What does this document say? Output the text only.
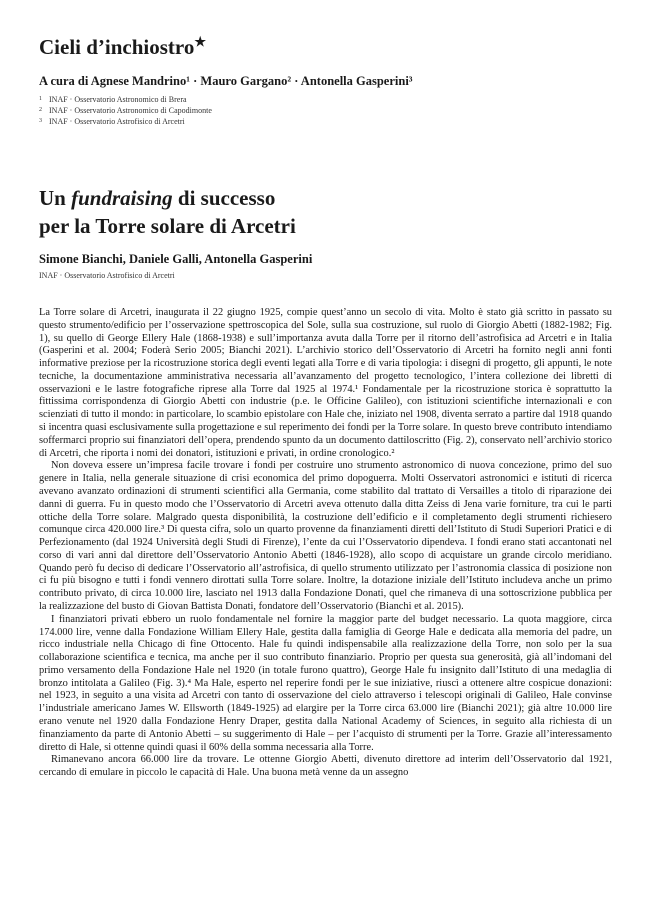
Cieli d’inchiostro★

A cura di Agnese Mandrino¹ · Mauro Gargano² · Antonella Gasperini³

1 INAF · Osservatorio Astronomico di Brera
2 INAF · Osservatorio Astronomico di Capodimonte
3 INAF · Osservatorio Astrofisico di Arcetri
Un fundraising di successo
per la Torre solare di Arcetri

Simone Bianchi, Daniele Galli, Antonella Gasperini

INAF · Osservatorio Astrofisico di Arcetri

La Torre solare di Arcetri, inaugurata il 22 giugno 1925, compie quest’anno un secolo di vita. Molto è stato già scritto in passato su questo strumento/edificio per l’osservazione spettroscopica del Sole, sulla sua costruzione, sul ruolo di Giorgio Abetti (1882-1982; Fig. 1), su quello di George Ellery Hale (1868-1938) e sull’importanza avuta dalla Torre per il ritorno dell’astrofisica ad Arcetri e in Italia (Gasperini et al. 2004; Foderà Serio 2005; Bianchi 2021). L’archivio storico dell’Osservatorio di Arcetri ha fornito negli anni fonti informative preziose per la ricostruzione storica degli eventi legati alla Torre e di varia tipologia: i disegni di progetto, gli appunti, le note tecniche, la documentazione amministrativa necessaria all’avanzamento del progetto tecnologico, l’intera collezione dei libretti di osservazioni e le lastre fotografiche riprese alla Torre dal 1925 al 1974.¹ Fondamentale per la ricostruzione storica è soprattutto la fittissima corrispondenza di Giorgio Abetti con industrie (p.e. le Officine Galileo), con istituzioni scientifiche internazionali e con scienziati di tutto il mondo: in particolare, lo scambio epistolare con Hale che, iniziato nel 1908, diventa serrato a partire dal 1918 quando si incentra quasi esclusivamente sulla progettazione e sul reperimento dei fondi per la Torre solare. In questo breve contributo intendiamo soffermarci proprio sui finanziatori dell’opera, prendendo spunto da un documento dattiloscritto (Fig. 2), conservato nell’archivio storico di Arcetri, che riporta i nomi dei donatori, istituzioni e privati, in ordine cronologico.²

Non doveva essere un’impresa facile trovare i fondi per costruire uno strumento astronomico di nuova concezione, primo del suo genere in Italia, nella generale situazione di crisi economica del primo dopoguerra. Molti Osservatori astronomici e istituti di ricerca avevano avanzato ordinazioni di strumenti scientifici alla Germania, come stabilito dal trattato di Versailles a titolo di riparazione dei danni di guerra. Fu in questo modo che l’Osservatorio di Arcetri aveva ottenuto dalla ditta Zeiss di Jena varie forniture, tra cui le parti ottiche della Torre solare. Malgrado questa disponibilità, la costruzione dell’edificio e il completamento degli strumenti richiesero comunque circa 420.000 lire.³ Di questa cifra, solo un quarto provenne da finanziamenti diretti dell’Istituto di Studi Superiori Pratici e di Perfezionamento (dal 1924 Università degli Studi di Firenze), l’ente da cui l’Osservatorio dipendeva. I fondi erano stati accantonati nel corso di vari anni dal direttore dell’Osservatorio Antonio Abetti (1846-1928), allo scopo di acquistare un grande circolo meridiano. Quando però fu deciso di dedicare l’Osservatorio all’astrofisica, di quello strumento utilizzato per l’astronomia classica di posizione non ci fu più bisogno e tutti i fondi vennero dirottati sulla Torre solare. Inoltre, la dotazione iniziale dell’Istituto includeva anche un primo contributo privato, di circa 10.000 lire, lasciato nel 1913 dalla Fondazione Donati, quel che rimaneva di una sottoscrizione pubblica per la realizzazione del busto di Giovan Battista Donati, fondatore dell’Osservatorio (Bianchi et al. 2015).

I finanziatori privati ebbero un ruolo fondamentale nel fornire la maggior parte del budget necessario. La quota maggiore, circa 174.000 lire, venne dalla Fondazione William Ellery Hale, gestita dalla famiglia di George Hale e dedicata alla memoria del padre, un ricco industriale nella Chicago di fine Ottocento. Hale fu quindi indispensabile alla realizzazione della Torre, non solo per la sua collaborazione scientifica e tecnica, ma anche per il suo contributo finanziario. Proprio per questa sua generosità, già all’indomani del primo versamento della Fondazione Hale nel 1920 (in totale furono quattro), George Hale fu insignito dall’Istituto di una medaglia di bronzo intitolata a Galileo (Fig. 3).⁴ Ma Hale, esperto nel reperire fondi per le sue iniziative, riuscì a ottenere altre cospicue donazioni: nel 1923, in seguito a una visita ad Arcetri con tanto di osservazione del cielo attraverso i telescopi originali di Galileo, Hale convinse l’industriale americano James W. Ellsworth (1849-1925) ad elargire per la Torre circa 63.000 lire (Bianchi 2021); già altre 10.000 lire erano venute nel 1920 dalla Fondazione Henry Draper, gestita dalla National Academy of Sciences, in seguito alla richiesta di un finanziamento da parte di Antonio Abetti – su suggerimento di Hale – per l’acquisto di strumenti per la Torre. Grazie all’interessamento diretto di Hale, si ottenne quindi quasi il 60% della somma necessaria alla Torre.

Rimanevano ancora 66.000 lire da trovare. Le ottenne Giorgio Abetti, divenuto direttore ad interim dell’Osservatorio dal 1921, cercando di emulare in piccolo le capacità di Hale. Una buona metà venne da un assegno
